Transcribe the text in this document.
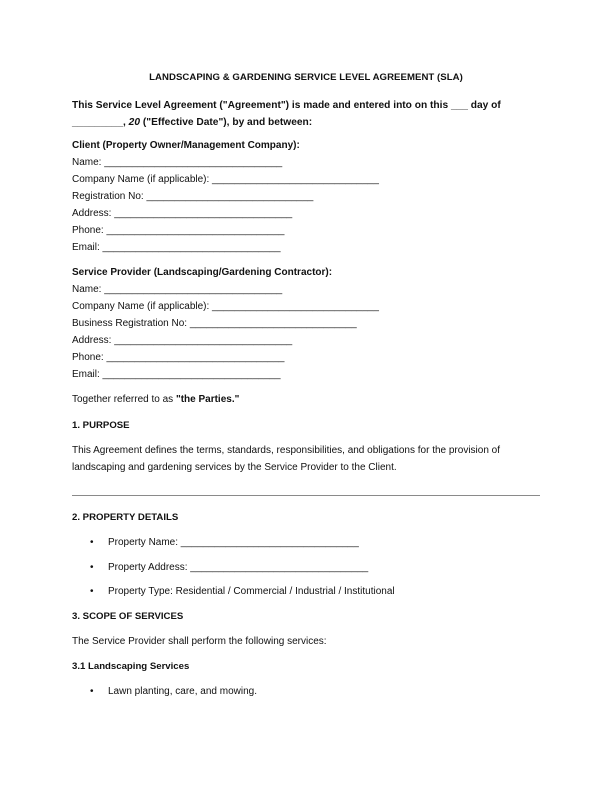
LANDSCAPING & GARDENING SERVICE LEVEL AGREEMENT (SLA)
This Service Level Agreement ("Agreement") is made and entered into on this ___ day of
_________, 20 ("Effective Date"), by and between:
Client (Property Owner/Management Company):
Name: ________________________________
Company Name (if applicable): ______________________________
Registration No: ______________________________
Address: ________________________________
Phone: ________________________________
Email: ________________________________
Service Provider (Landscaping/Gardening Contractor):
Name: ________________________________
Company Name (if applicable): ______________________________
Business Registration No: ______________________________
Address: ________________________________
Phone: ________________________________
Email: ________________________________
Together referred to as "the Parties."
1. PURPOSE
This Agreement defines the terms, standards, responsibilities, and obligations for the provision of landscaping and gardening services by the Service Provider to the Client.
2. PROPERTY DETAILS
• Property Name: ________________________________
• Property Address: ________________________________
• Property Type: Residential / Commercial / Industrial / Institutional
3. SCOPE OF SERVICES
The Service Provider shall perform the following services:
3.1 Landscaping Services
• Lawn planting, care, and mowing.
